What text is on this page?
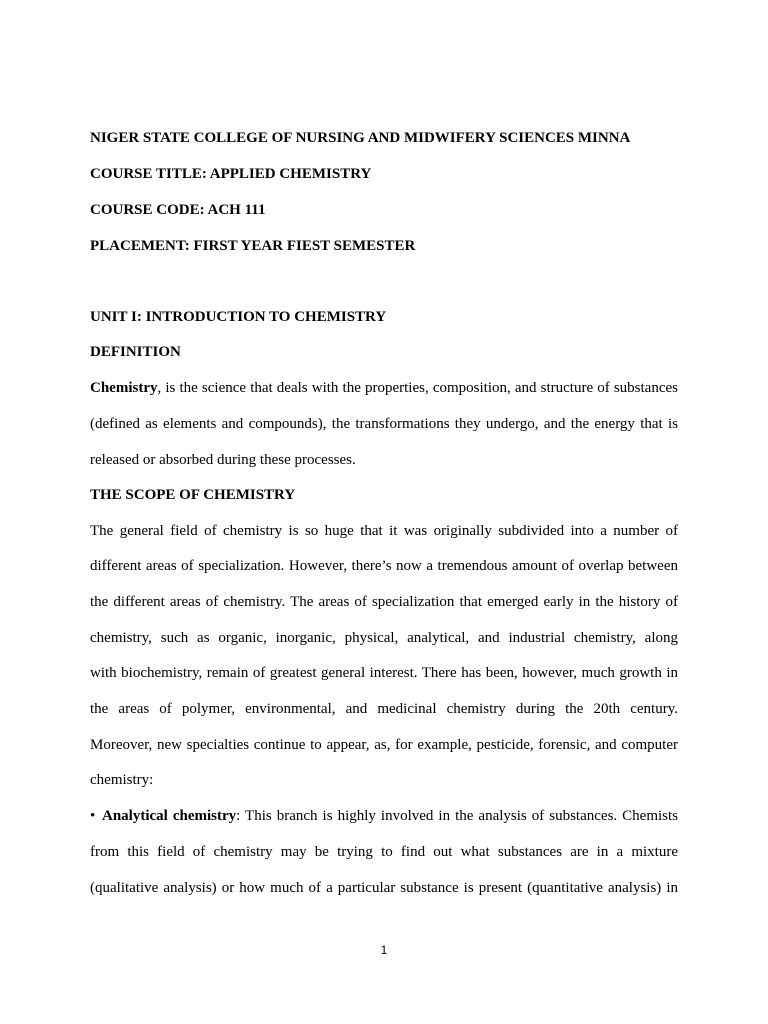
NIGER STATE COLLEGE OF NURSING AND MIDWIFERY SCIENCES MINNA
COURSE TITLE: APPLIED CHEMISTRY
COURSE CODE: ACH 111
PLACEMENT: FIRST YEAR FIEST SEMESTER
UNIT I: INTRODUCTION TO CHEMISTRY
DEFINITION
Chemistry, is the science that deals with the properties, composition, and structure of substances
(defined as elements and compounds), the transformations they undergo, and the energy that is
released or absorbed during these processes.
THE SCOPE OF CHEMISTRY
The general field of chemistry is so huge that it was originally subdivided into a number of
different areas of specialization. However, there’s now a tremendous amount of overlap between
the different areas of chemistry. The areas of specialization that emerged early in the history of
chemistry, such as organic, inorganic, physical, analytical, and industrial chemistry, along
with biochemistry, remain of greatest general interest. There has been, however, much growth in
the areas of polymer, environmental, and medicinal chemistry during the 20th century.
Moreover, new specialties continue to appear, as, for example, pesticide, forensic, and computer
chemistry:
• Analytical chemistry: This branch is highly involved in the analysis of substances. Chemists
from this field of chemistry may be trying to find out what substances are in a mixture
(qualitative analysis) or how much of a particular substance is present (quantitative analysis) in
1
